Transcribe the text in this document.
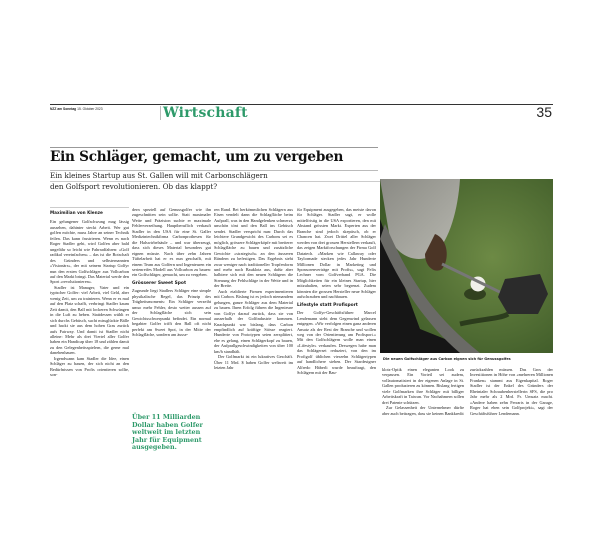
NZZ am Sonntag 15. Oktober 2023	Wirtschaft	35
Ein Schläger, gemacht, um zu vergeben
Ein kleines Startup aus St. Gallen will mit Carbonschlägern
den Golfsport revolutionieren. Ob das klappt?
Maximilian von Klenze

Ein gelungener Golfschwung mag lässig aussehen, dahinter steckt Arbeit. Wer gut golfen möchte, muss Jahre an seiner Technik feilen. Das kann frustrieren. Wenn es nach Roger Stadler geht, wird Golfen aber bald ungefähr so leicht wie Fahrradfahren: «Golf radikal vereinfachen» – das ist die Botschaft des Gründers und selbsternannten «Visionärs», der mit seinem Startup Golfyr nun den ersten Golfschläger aus Vollcarbon auf den Markt bringt. Das Material werde den Sport «revolutionieren».

Stadler ist Manager, Vater und ein typischer Golfer: viel Arbeit, viel Geld, aber wenig Zeit, um zu trainieren. Wenn er es mal auf den Platz schafft, verbringt Stadler kaum Zeit damit, den Ball mit lockeren Schwüngen in die Luft zu heben. Stattdessen wühlt er sich durchs Gebüsch, sucht missglückte Bälle und hackt sie aus dem hohen Gras zurück aufs Fairway. Und damit ist Stadler nicht alleine: Mehr als drei Viertel aller Golfer haben ein Handicap über 18 und zählen damit zu den Gelegenheitsspielern, die gerne mal danebenhauen.

Irgendwann kam Stadler die Idee, einen Schläger zu bauen, der sich nicht an den Bedürfnissen von Profis orientieren sollte, son-

dern speziell auf Genussgolfer wie ihn zugeschnitten sein sollte. Statt maximaler Weite und Präzision suchte er maximale Fehlerverzeihung. Hauptberuflich verkauft Stadler in den USA für eine St. Galler Medizintechnikfirma Carbonprothesen für die Halswirbelsäule – und war überzeugt, dass sich dieses Material besonders gut eignen müsste. Nach über zehn Jahren Tüftelarbeit hat er es nun geschafft, mit einem Team aus Golfern und Ingenieuren ein serienreifes Modell aus Vollcarbon zu bauen: ein Golfschläger, gemacht, um zu vergeben.

Grösserer Sweet Spot

Zugrunde liegt Stadlers Schläger eine simple physikalische Regel, das Prinzip des Trägheitsmoments: Ein Schläger verzeiht umso mehr Fehler, desto weiter aussen auf der Schlagfläche sich sein Gewichtsschwerpunkt befindet. Ein normal begabter Golfer trifft den Ball oft nicht perfekt am Sweet Spot, in der Mitte der Schlagfläche, sondern am äusse-

Über 11 Milliarden Dollar haben Golfer weltweit im letzten Jahr für Equipment ausgegeben.

ren Rand. Bei herkömmlichen Schlägern aus Eisen vendelt dann die Schlagfläche beim Aufprall, was in den Handgelenken schmerzt, unschön tönt und den Ball ins Gebüsch sendet. Stadler verspricht nun: Durch das leichtere Grundgewicht des Carbons sei es möglich, grössere Schlägerköpfe mit breiterer Schlagfläche zu bauen und zusätzliche Gewichte «strategisch» an den äusseren Rändern zu befestigen. Das Ergebnis sieht zwar weniger nach traditioneller Tropfenform und mehr nach Bauklotz aus, dafür aber halbiere sich mit den neuen Schlägern die Streuung der Fehlschläge in der Weite und in der Breite.

Auch etablierte Firmen experimentieren mit Carbon. Bislang ist es jedoch niemandem gelungen, ganze Schläger aus dem Material zu bauen. Ihren Erfolg führen die Ingenieure von Golfyr darauf zurück, dass sie von ausserhalb der Golfindustrie kommen. Knackpunkt war bislang, dass Carbon empfindlich auf kräftige Stösse reagiert. Hunderte von Prototypen seien zersplittert, ehe es gelang, einen Schlägerkopf zu bauen, der Aufprallgeschwindigkeiten von über 100 km/h standhält.

Der Golfmarkt ist ein lukratives Geschäft. Über 11 Mrd. $ haben Golfer weltweit im letzten Jahr

für Equipment ausgegeben, das meiste davon für Schläger. Stadler sagt, er wolle mittelfristig in die USA exportieren, den mit Abstand grössten Markt. Experten aus der Branche sind jedoch skeptisch, ob er Chancen hat. Zwei Drittel aller Schläger werden von drei grossen Herstellern verkauft, das zeigen Marktforschungen der Firma Golf Datatech. «Marken wie Callaway oder Taylormade stecken jedes Jahr Hunderte Millionen Dollar in Marketing und Sponsorenverträge mit Profis», sagt Felix Lechner vom Golfverband PGA. Die Möglichkeiten für ein kleines Startup, hier mitzuhalten, seien sehr begrenzt. Zudem könnten die grossen Hersteller neue Schläger aufschrauben und nachbauen.

Lifestyle statt Profisport

Der Golfyr-Geschäftsführer Marcel Lendemann sieht dem Gegenwind gelassen entgegen. «Wir verfolgen einen ganz anderen Ansatz als der Rest der Branche und wollen weg von der Orientierung am Profisport.» Mit den Golfschlägern wolle man einen «Lifestyle» verkaufen. Deswegen habe man das Schlägerset reduziert, von den im Profigolf üblichen vierzehn Schlägertypen auf handlichere sieben. Der Stardesigner Alfredo Häberli wurde beauftragt, den Schlägern mit der Bau-

Die neuen Golfschläger aus Carbon eignen sich für Genussgolfer.

klotz-Optik einen eleganten Look zu verpassen. Ein Vorteil sei zudem, vollautomatisiert in der eigenen Anlage in St. Gallen produzieren zu können. Bislang fertigen viele Golfmarken ihre Schläger mit billiger Arbeitskraft in Taiwan. Vor Nachahmern sollen drei Patente schützen.

Zur Gelassenheit der Unternehmer dürfte aber auch beitragen, dass sie keinen Bankkredit

zurückzahlen müssen. Das Gros der Investitionen in Höhe von «mehreren Millionen Franken» stammt aus Eigenkapital. Roger Stadler ist der Enkel des Gründers der Rheintaler Schraubenherstellerin SFS, die pro Jahr mehr als 2 Mrd. Fr. Umsatz macht. «Andere haben zehn Ferraris in der Garage, Roger hat eben sein Golfprojekt», sagt der Geschäftsführer Lendemann.
